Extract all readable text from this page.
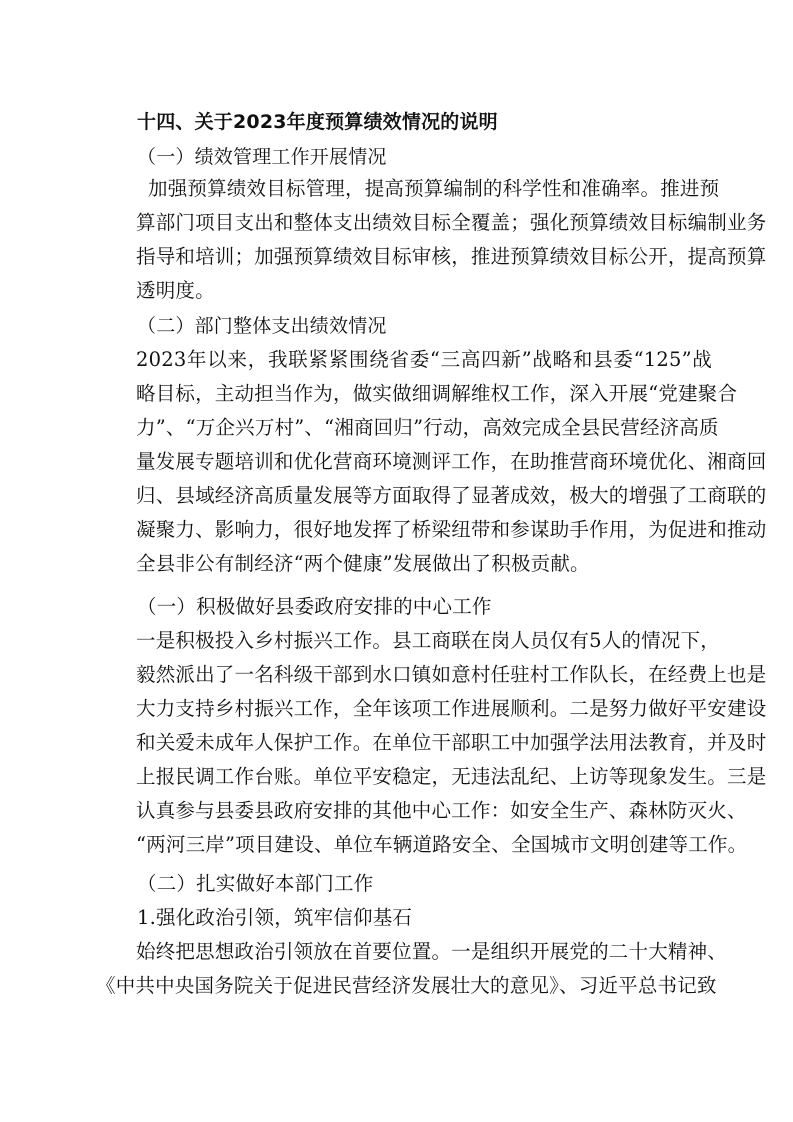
十四、关于2023年度预算绩效情况的说明
（一）绩效管理工作开展情况
加强预算绩效目标管理，提高预算编制的科学性和准确率。推进预
算部门项目支出和整体支出绩效目标全覆盖；强化预算绩效目标编制业务
指导和培训；加强预算绩效目标审核，推进预算绩效目标公开，提高预算
透明度。
（二）部门整体支出绩效情况
2023年以来，我联紧紧围绕省委“三高四新”战略和县委“125”战
略目标，主动担当作为，做实做细调解维权工作，深入开展“党建聚合
力”、“万企兴万村”、“湘商回归”行动，高效完成全县民营经济高质
量发展专题培训和优化营商环境测评工作，在助推营商环境优化、湘商回
归、县域经济高质量发展等方面取得了显著成效，极大的增强了工商联的
凝聚力、影响力，很好地发挥了桥梁纽带和参谋助手作用，为促进和推动
全县非公有制经济“两个健康”发展做出了积极贡献。
（一）积极做好县委政府安排的中心工作
一是积极投入乡村振兴工作。县工商联在岗人员仅有5人的情况下，
毅然派出了一名科级干部到水口镇如意村任驻村工作队长，在经费上也是
大力支持乡村振兴工作，全年该项工作进展顺利。二是努力做好平安建设
和关爱未成年人保护工作。在单位干部职工中加强学法用法教育，并及时
上报民调工作台账。单位平安稳定，无违法乱纪、上访等现象发生。三是
认真参与县委县政府安排的其他中心工作：如安全生产、森林防灭火、
“两河三岸”项目建设、单位车辆道路安全、全国城市文明创建等工作。
（二）扎实做好本部门工作
1.强化政治引领，筑牢信仰基石
始终把思想政治引领放在首要位置。一是组织开展党的二十大精神、
《中共中央国务院关于促进民营经济发展壮大的意见》、习近平总书记致
